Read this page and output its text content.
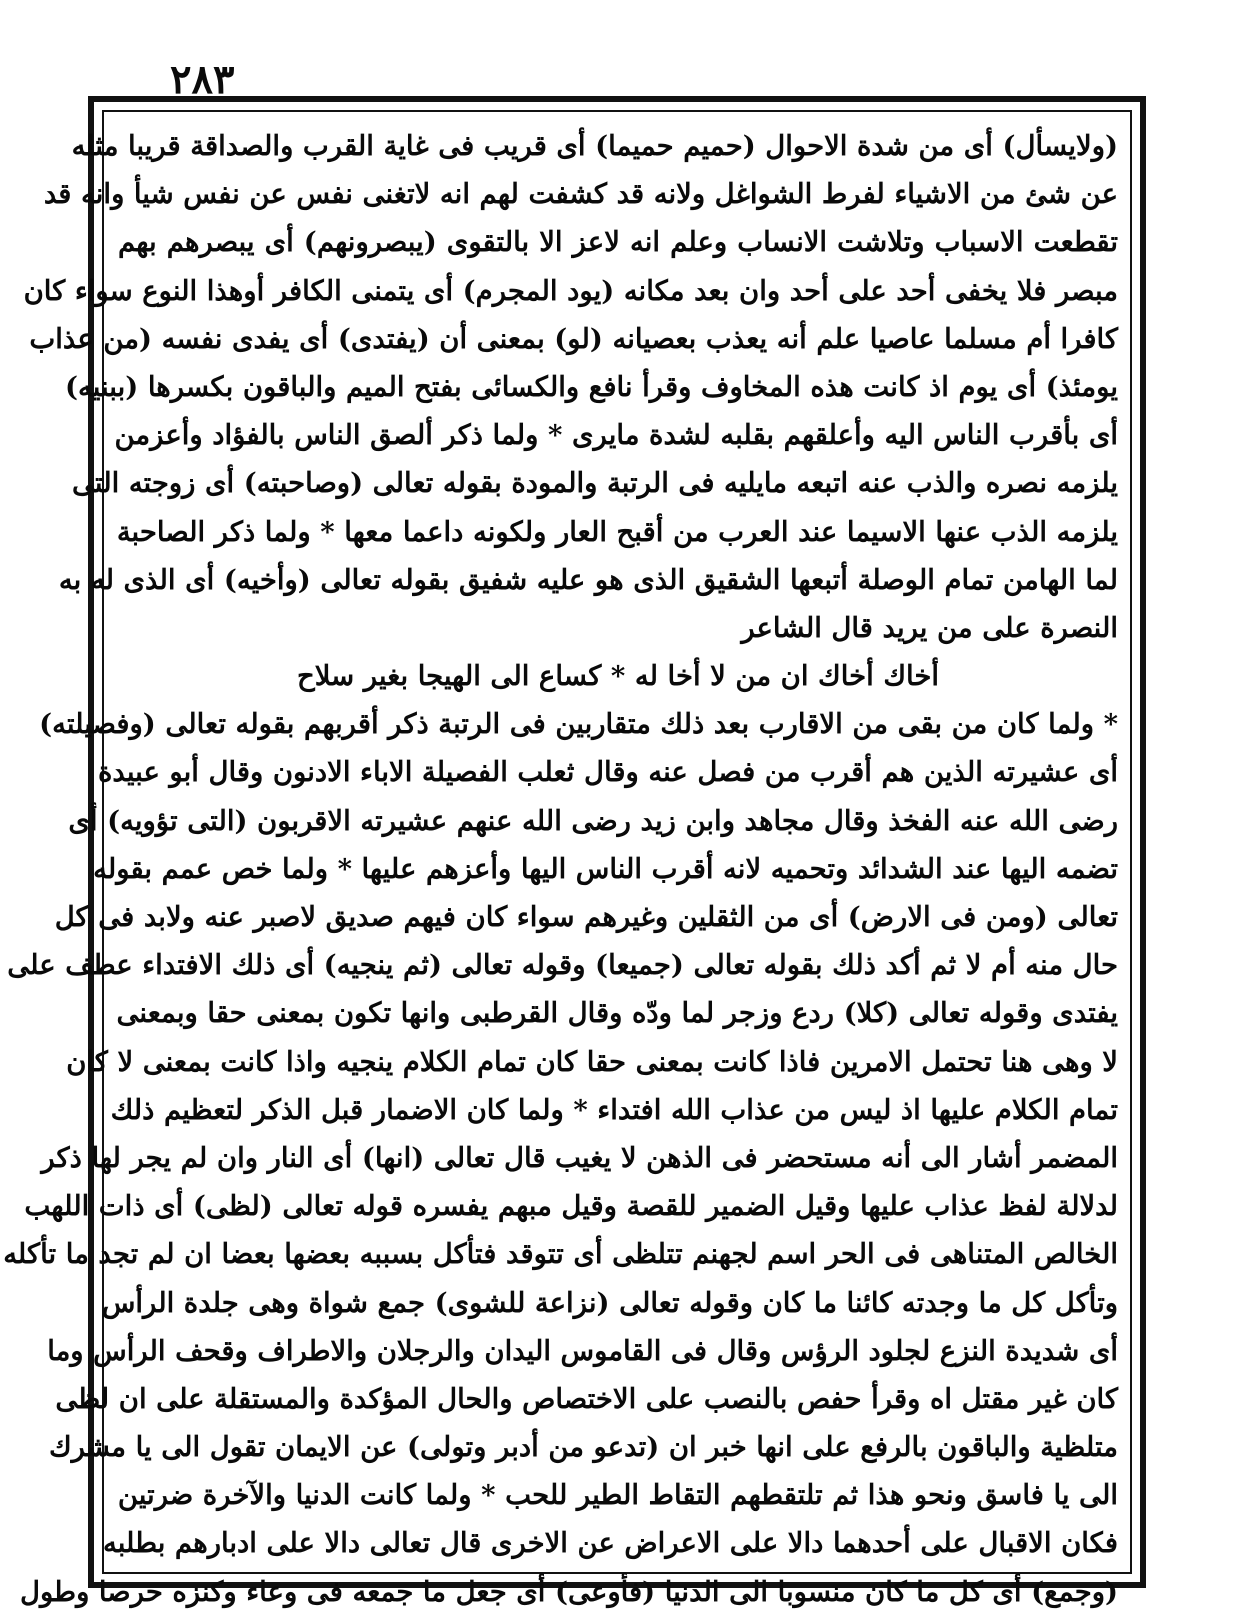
٢٨٣
(ولايسأل) أى من شدة الاحوال (حميم حميما) أى قريب فى غاية القرب والصداقة قريبا مثله
عن شئ من الاشياء لفرط الشواغل ولانه قد كشفت لهم انه لاتغنى نفس عن نفس شيأ وانه قد
تقطعت الاسباب وتلاشت الانساب وعلم انه لاعز الا بالتقوى (يبصرونهم) أى يبصرهم بهم
مبصر فلا يخفى أحد على أحد وان بعد مكانه (يود المجرم) أى يتمنى الكافر أوهذا النوع سواء كان
كافرا أم مسلما عاصيا علم أنه يعذب بعصيانه (لو) بمعنى أن (يفتدى) أى يفدى نفسه (من عذاب
يومئذ) أى يوم اذ كانت هذه المخاوف وقرأ نافع والكسائى بفتح الميم والباقون بكسرها (ببنيه)
أى بأقرب الناس اليه وأعلقهم بقلبه لشدة مايرى * ولما ذكر ألصق الناس بالفؤاد وأعزمن
يلزمه نصره والذب عنه اتبعه مايليه فى الرتبة والمودة بقوله تعالى (وصاحبته) أى زوجته التى
يلزمه الذب عنها الاسيما عند العرب من أقبح العار ولكونه داعما معها * ولما ذكر الصاحبة
لما الهامن تمام الوصلة أتبعها الشقيق الذى هو عليه شفيق بقوله تعالى (وأخيه) أى الذى له به
النصرة على من يريد قال الشاعر
أخاك أخاك ان من لا أخا له * كساع الى الهيجا بغير سلاح
* ولما كان من بقى من الاقارب بعد ذلك متقاربين فى الرتبة ذكر أقربهم بقوله تعالى (وفصيلته)
أى عشيرته الذين هم أقرب من فصل عنه وقال ثعلب الفصيلة الاباء الادنون وقال أبو عبيدة
رضى الله عنه الفخذ وقال مجاهد وابن زيد رضى الله عنهم عشيرته الاقربون (التى تؤويه) أى
تضمه اليها عند الشدائد وتحميه لانه أقرب الناس اليها وأعزهم عليها * ولما خص عمم بقوله
تعالى (ومن فى الارض) أى من الثقلين وغيرهم سواء كان فيهم صديق لاصبر عنه ولابد فى كل
حال منه أم لا ثم أكد ذلك بقوله تعالى (جميعا) وقوله تعالى (ثم ينجيه) أى ذلك الافتداء عطف على
يفتدى وقوله تعالى (كلا) ردع وزجر لما ودّه وقال القرطبى وانها تكون بمعنى حقا وبمعنى
لا وهى هنا تحتمل الامرين فاذا كانت بمعنى حقا كان تمام الكلام ينجيه واذا كانت بمعنى لا كان
تمام الكلام عليها اذ ليس من عذاب الله افتداء * ولما كان الاضمار قبل الذكر لتعظيم ذلك
المضمر أشار الى أنه مستحضر فى الذهن لا يغيب قال تعالى (انها) أى النار وان لم يجر لها ذكر
لدلالة لفظ عذاب عليها وقيل الضمير للقصة وقيل مبهم يفسره قوله تعالى (لظى) أى ذات اللهب
الخالص المتناهى فى الحر اسم لجهنم تتلظى أى تتوقد فتأكل بسببه بعضها بعضا ان لم تجد ما تأكله
وتأكل كل ما وجدته كائنا ما كان وقوله تعالى (نزاعة للشوى) جمع شواة وهى جلدة الرأس
أى شديدة النزع لجلود الرؤس وقال فى القاموس اليدان والرجلان والاطراف وقحف الرأس وما
كان غير مقتل اه وقرأ حفص بالنصب على الاختصاص والحال المؤكدة والمستقلة على ان لظى
متلظية والباقون بالرفع على انها خبر ان (تدعو من أدبر وتولى) عن الايمان تقول الى يا مشرك
الى يا فاسق ونحو هذا ثم تلتقطهم التقاط الطير للحب * ولما كانت الدنيا والآخرة ضرتين
فكان الاقبال على أحدهما دالا على الاعراض عن الاخرى قال تعالى دالا على ادبارهم بطلبه
(وجمع) أى كل ما كان منسوبا الى الدنيا (فأوعى) أى جعل ما جمعه فى وعاء وكنزه حرصا وطول
